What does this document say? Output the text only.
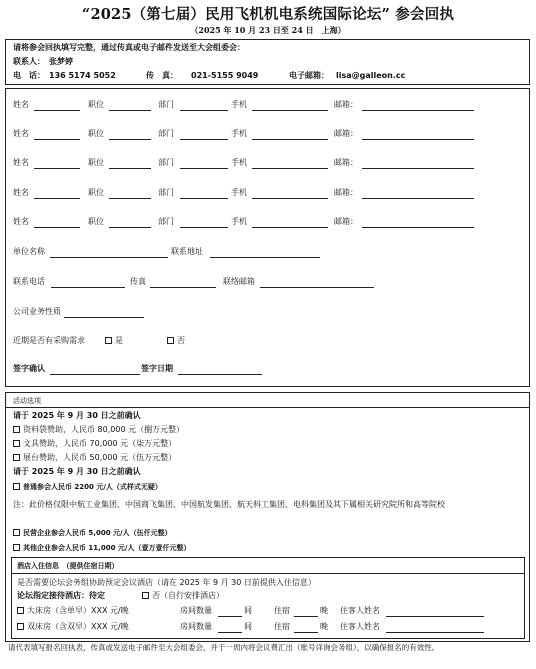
“2025（第七届）民用飞机机电系统国际论坛” 参会回执
（2025 年 10 月 23 日至 24 日　上海）
请将参会回执填写完整，通过传真或电子邮件发送至大会组委会：
联系人： 张梦婷
电　话： 136 5174 5052	传　真： 021-5155 9049	电子邮箱： lisa@galleon.cc
姓名	职位	部门	手机	邮箱：
姓名	职位	部门	手机	邮箱：
姓名	职位	部门	手机	邮箱：
姓名	职位	部门	手机	邮箱：
姓名	职位	部门	手机	邮箱：
单位名称	联系地址
联系电话	传真	联络邮箱
公司业务性质
近期是否有采购需求	是	否
签字确认	签字日期
活动选项
请于 2025 年 9 月 30 日之前确认
资料袋赞助，人民币 80,000 元（捌万元整）
文具赞助，人民币 70,000 元（柒万元整）
展台赞助，人民币 50,000 元（伍万元整）
请于 2025 年 9 月 30 日之前确认
普通参会人民币 2200 元/人（式样式无疑）
注：此价格仅限中航工业集团、中国商飞集团、中国航发集团、航天科工集团、电科集团及其下属相关研究院所和高等院校
民营企业参会人民币 5,000 元/人（伍仟元整）
其他企业参会人民币 11,000 元/人（壹万壹仟元整）
酒店入住信息　（提供住宿日期）
是否需要论坛会务组协助预定会议酒店（请在 2025 年 9 月 30 日前提供入住信息）
论坛指定接待酒店：待定	否（自行安排酒店）
大床房（含单早）XXX 元/晚	房间数量	间	住宿	晚 住客人姓名
双床房（含双早）XXX 元/晚	房间数量	间	住宿	晚 住客人姓名
请代表填写报名回执表，传真或发送电子邮件至大会组委会，并于一周内将会议费汇出（账号详询会务组），以确保报名的有效性。
